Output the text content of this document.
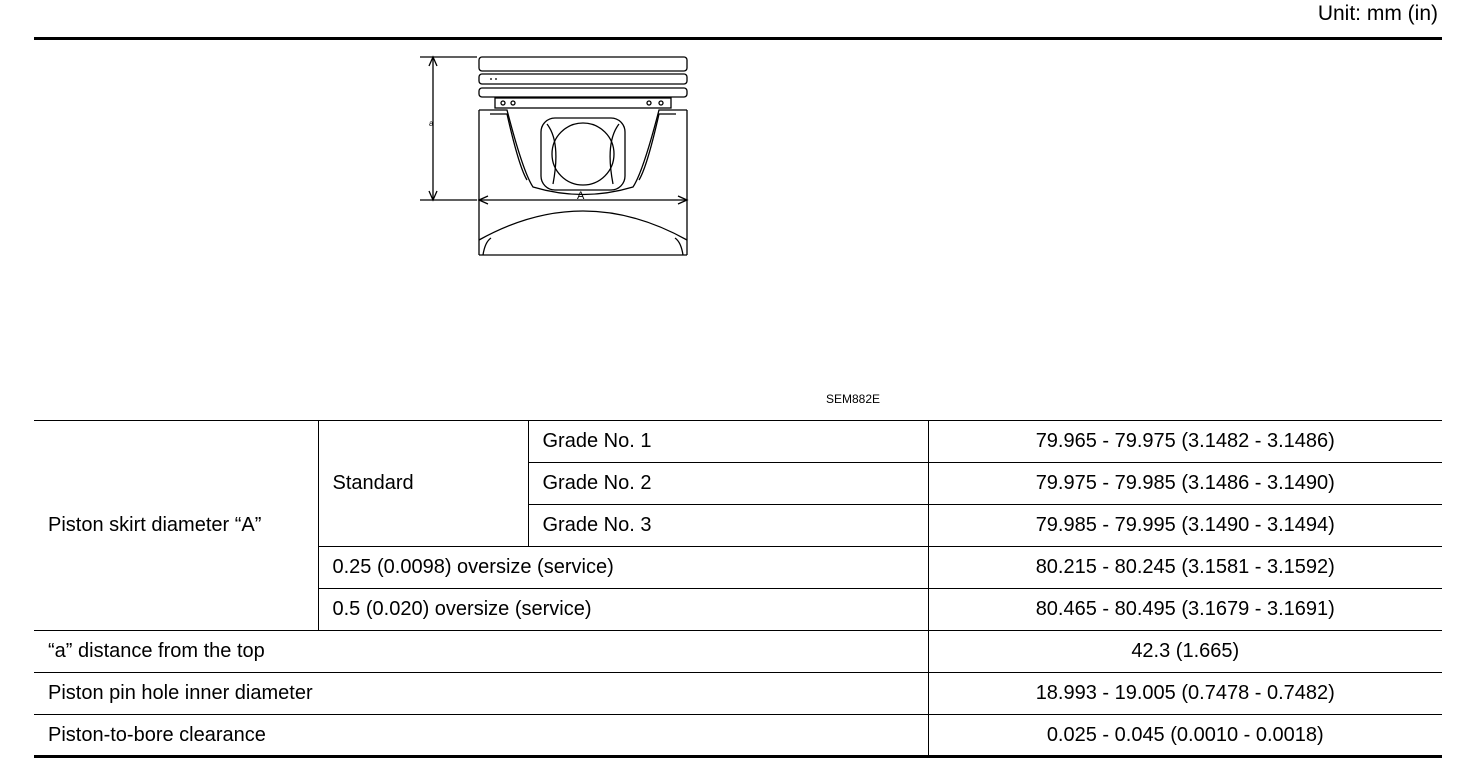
Unit: mm (in)
a
A
SEM882E
Piston skirt diameter “A”	Standard	Grade No. 1	79.965 - 79.975 (3.1482 - 3.1486)
		Grade No. 2	79.975 - 79.985 (3.1486 - 3.1490)
		Grade No. 3	79.985 - 79.995 (3.1490 - 3.1494)
	0.25 (0.0098) oversize (service)		80.215 - 80.245 (3.1581 - 3.1592)
	0.5 (0.020) oversize (service)		80.465 - 80.495 (3.1679 - 3.1691)
“a” distance from the top			42.3 (1.665)
Piston pin hole inner diameter			18.993 - 19.005 (0.7478 - 0.7482)
Piston-to-bore clearance			0.025 - 0.045 (0.0010 - 0.0018)
